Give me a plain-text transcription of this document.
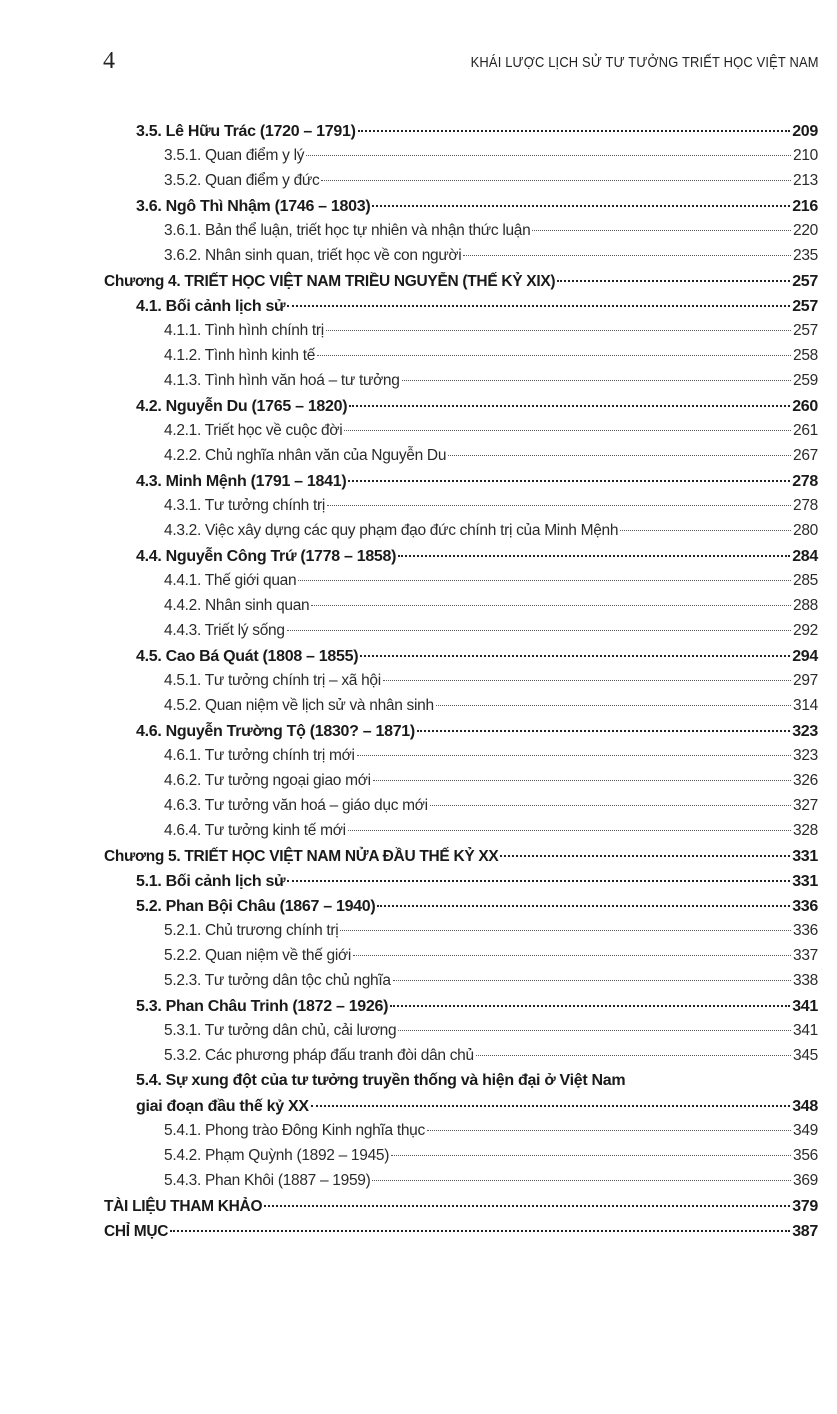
4	KHÁI LƯỢC LỊCH SỬ TƯ TƯỞNG TRIẾT HỌC VIỆT NAM
3.5. Lê Hữu Trác (1720 – 1791)	209
3.5.1. Quan điểm y lý	210
3.5.2. Quan điểm y đức	213
3.6. Ngô Thì Nhậm (1746 – 1803)	216
3.6.1. Bản thể luận, triết học tự nhiên và nhận thức luận	220
3.6.2. Nhân sinh quan, triết học về con người	235
Chương 4. TRIẾT HỌC VIỆT NAM TRIỀU NGUYỄN (THẾ KỶ XIX)	257
4.1. Bối cảnh lịch sử	257
4.1.1. Tình hình chính trị	257
4.1.2. Tình hình kinh tế	258
4.1.3. Tình hình văn hoá – tư tưởng	259
4.2. Nguyễn Du (1765 – 1820)	260
4.2.1. Triết học về cuộc đời	261
4.2.2. Chủ nghĩa nhân văn của Nguyễn Du	267
4.3. Minh Mệnh (1791 – 1841)	278
4.3.1. Tư tưởng chính trị	278
4.3.2. Việc xây dựng các quy phạm đạo đức chính trị của Minh Mệnh	280
4.4. Nguyễn Công Trứ (1778 – 1858)	284
4.4.1. Thế giới quan	285
4.4.2. Nhân sinh quan	288
4.4.3. Triết lý sống	292
4.5. Cao Bá Quát (1808 – 1855)	294
4.5.1. Tư tưởng chính trị – xã hội	297
4.5.2. Quan niệm về lịch sử và nhân sinh	314
4.6. Nguyễn Trường Tộ (1830? – 1871)	323
4.6.1. Tư tưởng chính trị mới	323
4.6.2. Tư tưởng ngoại giao mới	326
4.6.3. Tư tưởng văn hoá – giáo dục mới	327
4.6.4. Tư tưởng kinh tế mới	328
Chương 5. TRIẾT HỌC VIỆT NAM NỬA ĐẦU THẾ KỶ XX	331
5.1. Bối cảnh lịch sử	331
5.2. Phan Bội Châu (1867 – 1940)	336
5.2.1. Chủ trương chính trị	336
5.2.2. Quan niệm về thế giới	337
5.2.3. Tư tưởng dân tộc chủ nghĩa	338
5.3. Phan Châu Trinh (1872 – 1926)	341
5.3.1. Tư tưởng dân chủ, cải lương	341
5.3.2. Các phương pháp đấu tranh đòi dân chủ	345
5.4. Sự xung đột của tư tưởng truyền thống và hiện đại ở Việt Nam
giai đoạn đầu thế kỷ XX	348
5.4.1. Phong trào Đông Kinh nghĩa thục	349
5.4.2. Phạm Quỳnh (1892 – 1945)	356
5.4.3. Phan Khôi (1887 – 1959)	369
TÀI LIỆU THAM KHẢO	379
CHỈ MỤC	387
